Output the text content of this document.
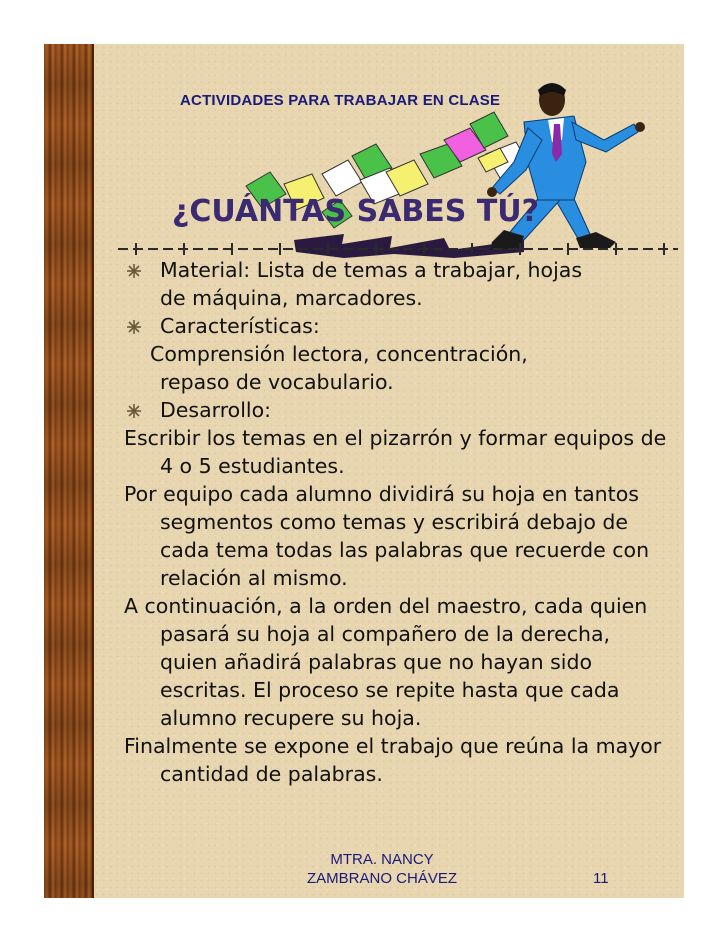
ACTIVIDADES PARA TRABAJAR EN CLASE
¿CUÁNTAS SABES TÚ?
Material: Lista de temas a trabajar, hojas
de máquina, marcadores.
Características:
Comprensión lectora, concentración,
repaso de vocabulario.
Desarrollo:
Escribir los temas en el pizarrón y formar equipos de 4 o 5 estudiantes.
Por equipo cada alumno dividirá su hoja en tantos segmentos como temas y escribirá debajo de cada tema todas las palabras que recuerde con relación al mismo.
A continuación, a la orden del maestro, cada quien pasará su hoja al compañero de la derecha, quien añadirá palabras que no hayan sido escritas. El proceso se repite hasta que cada alumno recupere su hoja.
Finalmente se expone el trabajo que reúna la mayor cantidad de palabras.
MTRA. NANCY
ZAMBRANO CHÁVEZ	11
